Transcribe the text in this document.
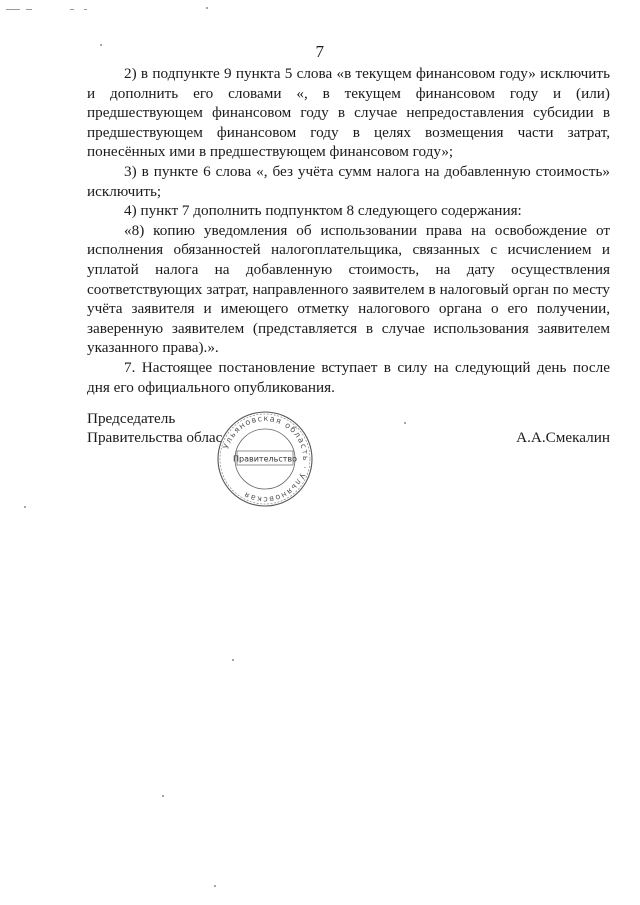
7

2) в подпункте 9 пункта 5 слова «в текущем финансовом году» исключить и дополнить его словами «, в текущем финансовом году и (или) предшествующем финансовом году в случае непредоставления субсидии в предшествующем финансовом году в целях возмещения части затрат, понесённых ими в предшествующем финансовом году»;

3) в пункте 6 слова «, без учёта сумм налога на добавленную стоимость» исключить;

4) пункт 7 дополнить подпунктом 8 следующего содержания:

«8) копию уведомления об использовании права на освобождение от исполнения обязанностей налогоплательщика, связанных с исчислением и уплатой налога на добавленную стоимость, на дату осуществления соответствующих затрат, направленного заявителем в налоговый орган по месту учёта заявителя и имеющего отметку налогового органа о его получении, заверенную заявителем (представляется в случае использования заявителем указанного права).».

7. Настоящее постановление вступает в силу на следующий день после дня его официального опубликования.

Председатель
Правительства облас	А.А.Смекалин
Ульяновская область · Ульяновская
Правительство
